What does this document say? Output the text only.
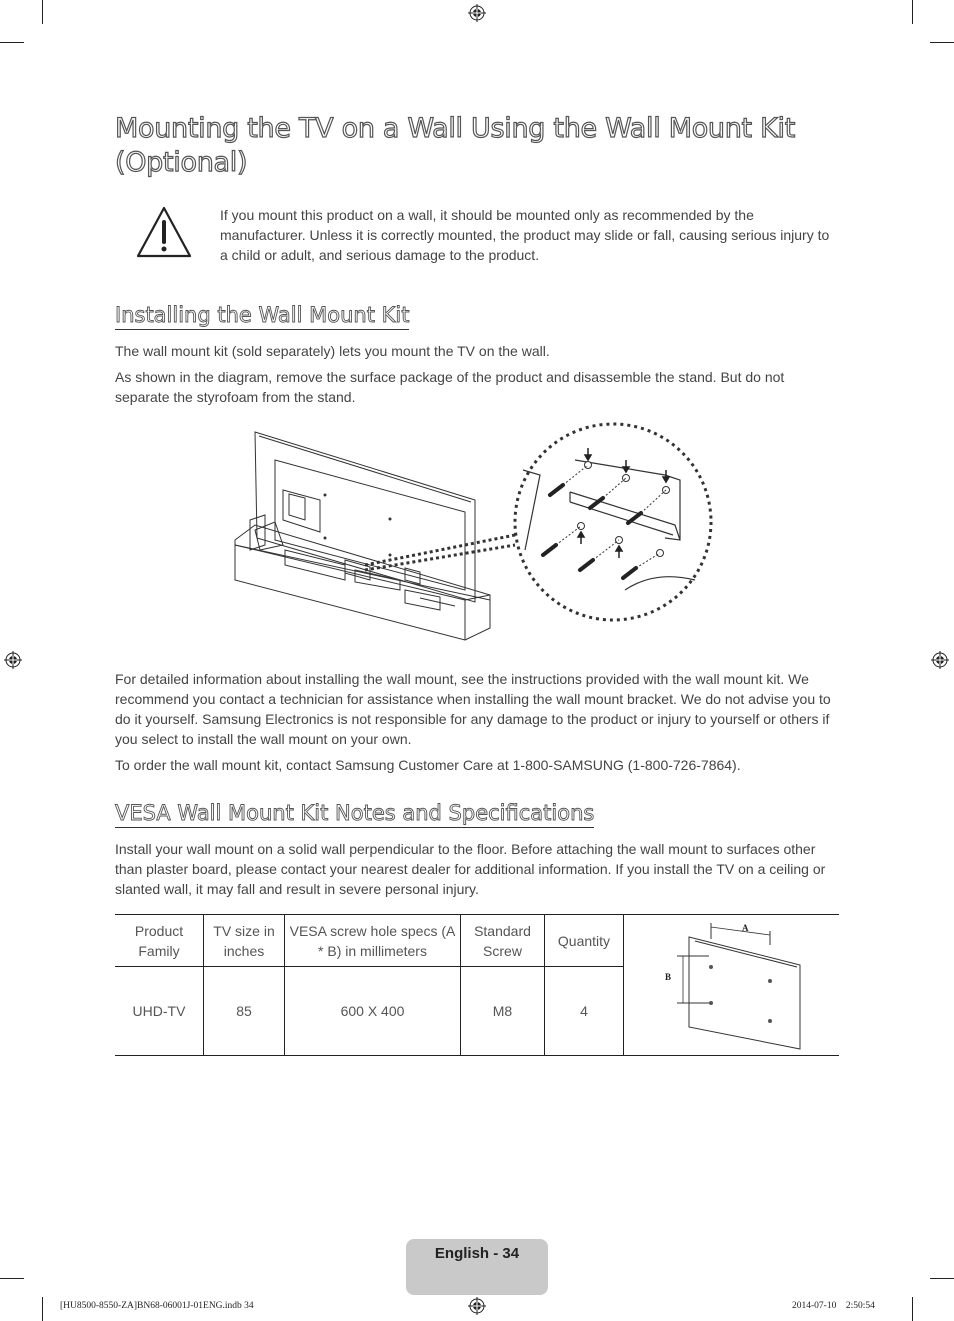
Mounting the TV on a Wall Using the Wall Mount Kit (Optional)
If you mount this product on a wall, it should be mounted only as recommended by the manufacturer. Unless it is correctly mounted, the product may slide or fall, causing serious injury to a child or adult, and serious damage to the product.
Installing the Wall Mount Kit

The wall mount kit (sold separately) lets you mount the TV on the wall.

As shown in the diagram, remove the surface package of the product and disassemble the stand. But do not separate the styrofoam from the stand.

For detailed information about installing the wall mount, see the instructions provided with the wall mount kit. We recommend you contact a technician for assistance when installing the wall mount bracket. We do not advise you to do it yourself. Samsung Electronics is not responsible for any damage to the product or injury to yourself or others if you select to install the wall mount on your own.

To order the wall mount kit, contact Samsung Customer Care at 1-800-SAMSUNG (1-800-726-7864).

VESA Wall Mount Kit Notes and Specifications

Install your wall mount on a solid wall perpendicular to the floor. Before attaching the wall mount to surfaces other than plaster board, please contact your nearest dealer for additional information. If you install the TV on a ceiling or slanted wall, it may fall and result in severe personal injury.

Product Family	TV size in inches	VESA screw hole specs (A * B) in millimeters	Standard Screw	Quantity	A
B

UHD-TV	85	600 X 400	M8	4	
English - 34
[HU8500-8550-ZA]BN68-06001J-01ENG.indb 34	2014-07-10    2:50:54
